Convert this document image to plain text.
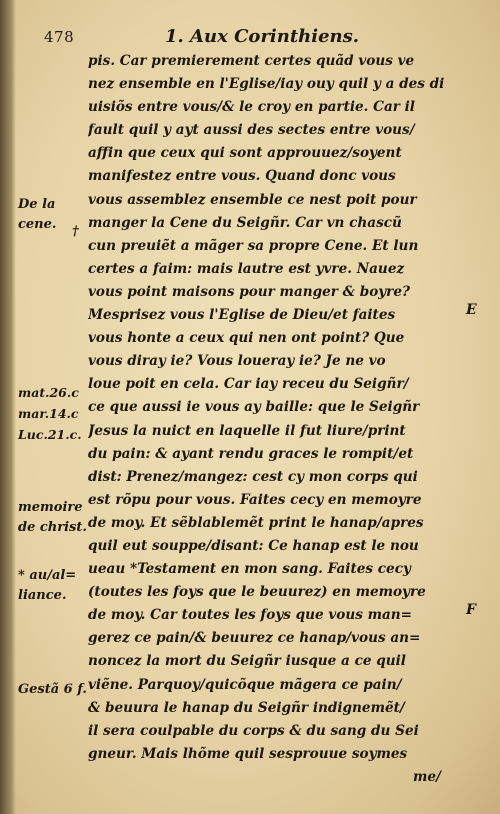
478	1. Aux Corinthiens.
pis. Car premierement certes quãd vous ve
nez ensemble en l'Eglise/iay ouy quil y a des di
uisiõs entre vous/& le croy en partie. Car il
fault quil y ayt aussi des sectes entre vous/
affin que ceux qui sont approuuez/soyent
manifestez entre vous. Quand donc vous
vous assemblez ensemble ce nest poit pour
manger la Cene du Seigñr. Car vn chascũ
cun preuiẽt a mãger sa propre Cene. Et lun
certes a faim: mais lautre est yvre. Nauez
vous point maisons pour manger & boyre?
Mesprisez vous l'Eglise de Dieu/et faites
vous honte a ceux qui nen ont point? Que
vous diray ie? Vous loueray ie? Je ne vo
loue poit en cela. Car iay receu du Seigñr/
ce que aussi ie vous ay baille: que le Seigñr
Jesus la nuict en laquelle il fut liure/print
du pain: & ayant rendu graces le rompit/et
dist: Prenez/mangez: cest cy mon corps qui
est rõpu pour vous. Faites cecy en memoyre
de moy. Et sẽblablemẽt print le hanap/apres
quil eut souppe/disant: Ce hanap est le nou
ueau *Testament en mon sang. Faites cecy
(toutes les foys que le beuurez) en memoyre
de moy. Car toutes les foys que vous man=
gerez ce pain/& beuurez ce hanap/vous an=
noncez la mort du Seigñr iusque a ce quil
viẽne. Parquoy/quicõque mãgera ce pain/
& beuura le hanap du Seigñr indignemẽt/
il sera coulpable du corps & du sang du Sei
gneur. Mais lhõme quil sesprouue soymes
me/
De la cene.	†
mat.26.c mar.14.c Luc.21.c.
memoire de christ.
* au/al= liance.
Gestã 6 f.
E
F
